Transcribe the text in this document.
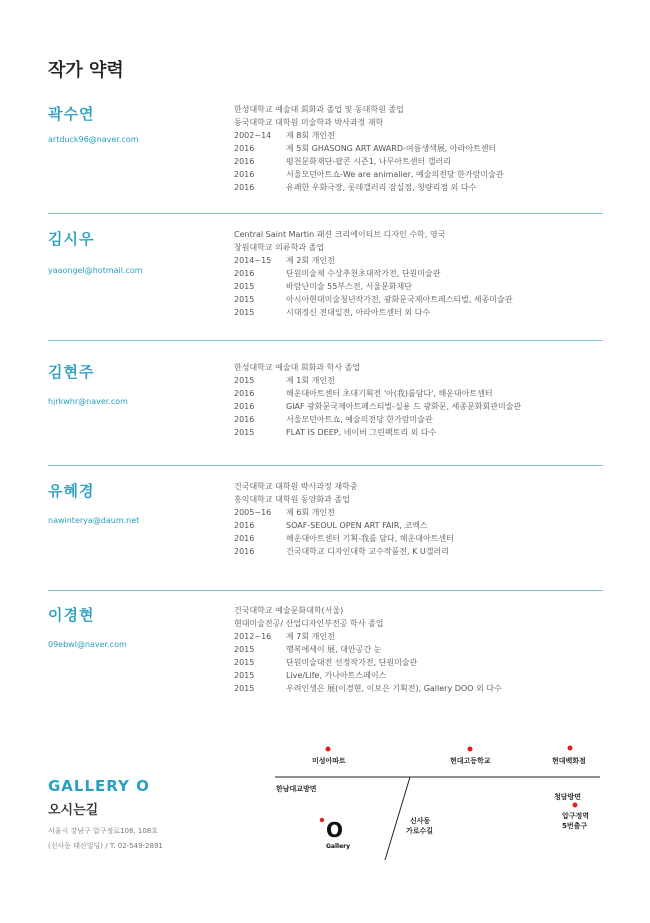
작가 약력
곽수연
artduck96@naver.com
한성대학교 예술대 회화과 졸업 및 동대학원 졸업
동국대학교 대학원 미술학과 박사과정 재학
2002~14	제 8회 개인전
2016	제 5회 GHASONG ART AWARD-여름생색展, 아라아트센터
2016	평천문화재단-팝콘 시즌1, 나무아트센터 갤러리
2016	서울모던아트쇼-We are animalier, 예술의전당 한가람미술관
2016	유쾌한 우화극장, 롯데갤러리 잠실점, 청량리점 외 다수
김시우
yaaongel@hotmail.com
Central Saint Martin 패션 크리에이티브 디자인 수학, 영국
창원대학교 의류학과 졸업
2014~15	제 2회 개인전
2016	단원미술제 수상추천초대작가전, 단원미술관
2015	바람난미술 55부스전, 서울문화재단
2015	아시아현대미술청년작가전, 광화문국제아트페스티벌, 세종미술관
2015	시대정신 전대일전, 아라아트센터 외 다수
김현주
hjrkwhr@naver.com
한성대학교 예술대 회화과 학사 졸업
2015	제 1회 개인전
2016	해운대아트센터 초대기획전 '아(我)를담다', 해운대아트센터
2016	GIAF 광화문국제아트페스티벌-실용 드 광화문, 세종문화회관미술관
2016	서울모던아트쇼, 예술의전당 한가람미술관
2015	FLAT IS DEEP, 네이버 그린팩토리 외 다수
유혜경
nawinterya@daum.net
건국대학교 대학원 박사과정 재학중
홍익대학교 대학원 동양화과 졸업
2005~16	제 6회 개인전
2016	SOAF-SEOUL OPEN ART FAIR, 코엑스
2016	해운대아트센터 기획-我를 담다, 해운대아트센터
2016	건국대학교 디자인대학 교수작품전, K U갤러리
이경현
09ebwl@naver.com
건국대학교 예술문화대학(서울)
현대미술전공/ 산업디자인부전공 학사 졸업
2012~16	제 7회 개인전
2015	행복에세이 展, 대안공간 눈
2015	단원미술대전 선정작가전, 단원미술관
2015	Live/Life, 가나아트스페이스
2015	우려인생은 展(이경현, 이보은 기획전), Gallery DOO 외 다수
GALLERY O
오시는길
서울시 강남구 압구정로108, 108호
(신사동 태산빌딩) / T. 02-549-2891
미성아파트	현대고등학교	현대백화점
한남대교방면
청담방면
신사동
가로수길
압구정역
5번출구
O
Gallery
